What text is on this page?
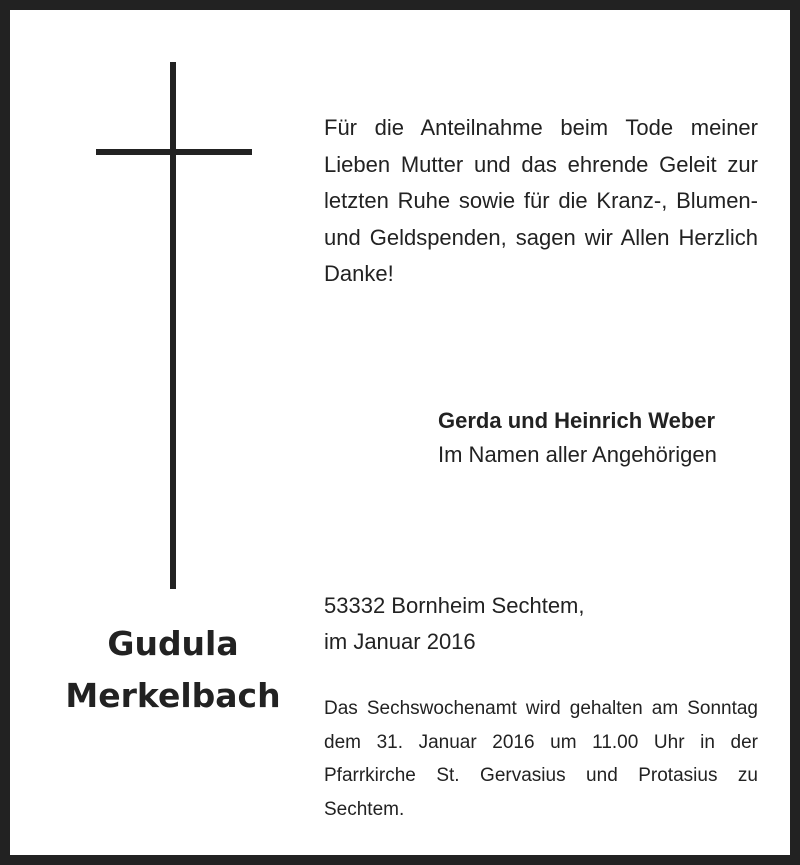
Für die Anteilnahme beim Tode meiner Lieben Mutter und das ehrende Geleit zur letzten Ruhe sowie für die Kranz-, Blumen- und Geldspenden, sagen wir Allen Herzlich Danke!
Gerda und Heinrich Weber
Im Namen aller Angehörigen
Gudula
Merkelbach
53332 Bornheim Sechtem,
im Januar 2016
Das Sechswochenamt wird gehalten am Sonntag dem 31. Januar 2016 um 11.00 Uhr in der Pfarrkirche St. Gervasius und Protasius zu Sechtem.
